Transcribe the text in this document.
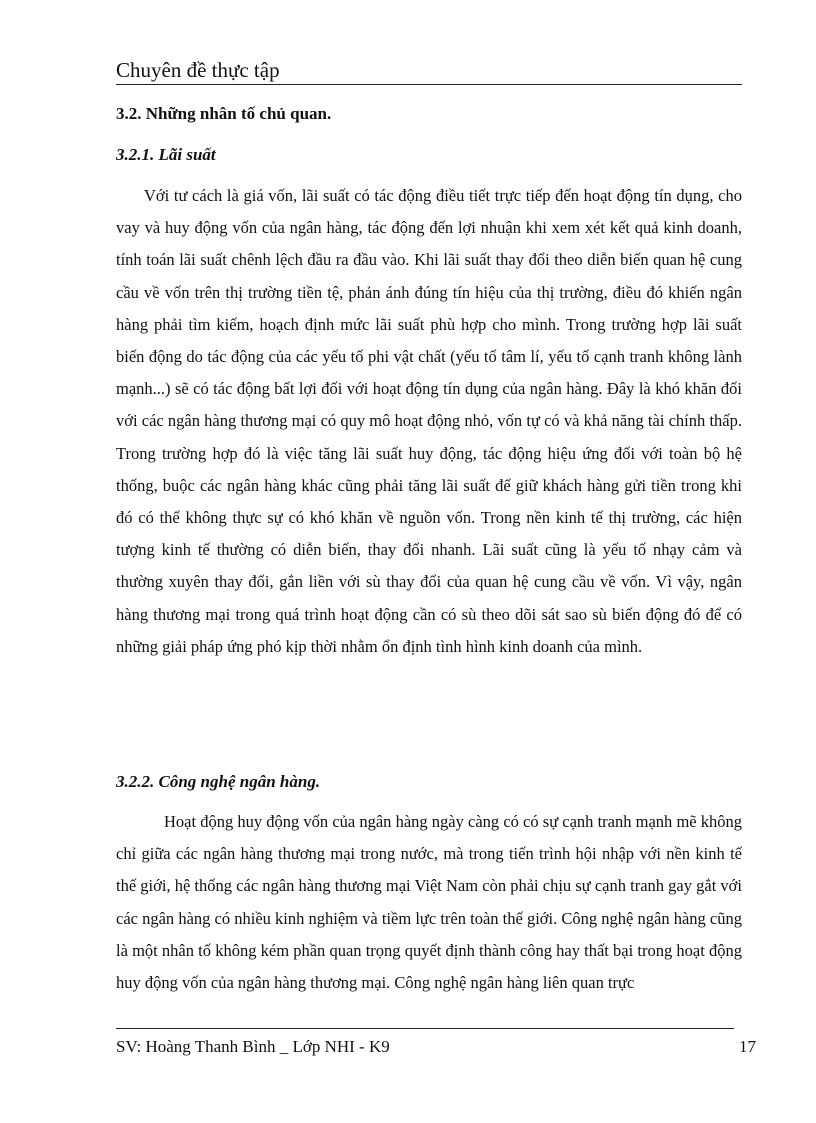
Chuyên đề thực tập
3.2. Những nhân tố chủ quan.
3.2.1. Lãi suất
Với tư cách là giá vốn, lãi suất có tác động điều tiết trực tiếp đến hoạt động tín dụng, cho vay và huy động vốn của ngân hàng, tác động đến lợi nhuận khi xem xét kết quả kinh doanh, tính toán lãi suất chênh lệch đầu ra đầu vào. Khi lãi suất thay đổi theo diễn biến quan hệ cung cầu về vốn trên thị trường tiền tệ, phản ánh đúng tín hiệu của thị trường, điều đó khiến ngân hàng phải tìm kiếm, hoạch định mức lãi suất phù hợp cho mình. Trong trường hợp lãi suất biến động do tác động của các yếu tố phi vật chất (yếu tố tâm lí, yếu tố cạnh tranh không lành mạnh...) sẽ có tác động bất lợi đối với hoạt động tín dụng của ngân hàng. Đây là khó khăn đối với các ngân hàng thương mại có quy mô hoạt động nhỏ, vốn tự có và khả năng tài chính thấp. Trong trường hợp đó là việc tăng lãi suất huy động, tác động hiệu ứng đối với toàn bộ hệ thống, buộc các ngân hàng khác cũng phải tăng lãi suất để giữ khách hàng gửi tiền trong khi đó có thể không thực sự có khó khăn về nguồn vốn. Trong nền kinh tế thị trường, các hiện tượng kinh tế thường có diễn biến, thay đổi nhanh. Lãi suất cũng là yếu tố nhạy cảm và thường xuyên thay đổi, gắn liền với sù thay đổi của quan hệ cung cầu về vốn. Vì vậy, ngân hàng thương mại trong quá trình hoạt động cần có sù theo dõi sát sao sù biến động đó để có những giải pháp ứng phó kịp thời nhằm ổn định tình hình kinh doanh của mình.
3.2.2. Công nghệ ngân hàng.
Hoạt động huy động vốn của ngân hàng ngày càng có có sự cạnh tranh mạnh mẽ không chỉ giữa các ngân hàng thương mại trong nước, mà trong tiến trình hội nhập với nền kinh tế thế giới, hệ thống các ngân hàng thương mại Việt Nam còn phải chịu sự cạnh tranh gay gắt với các ngân hàng có nhiều kinh nghiệm và tiềm lực trên toàn thế giới. Công nghệ ngân hàng cũng là một nhân tố không kém phần quan trọng quyết định thành công hay thất bại trong hoạt động huy động vốn của ngân hàng thương mại. Công nghệ ngân hàng liên quan trực
SV: Hoàng Thanh Bình _ Lớp NHI - K9	17
